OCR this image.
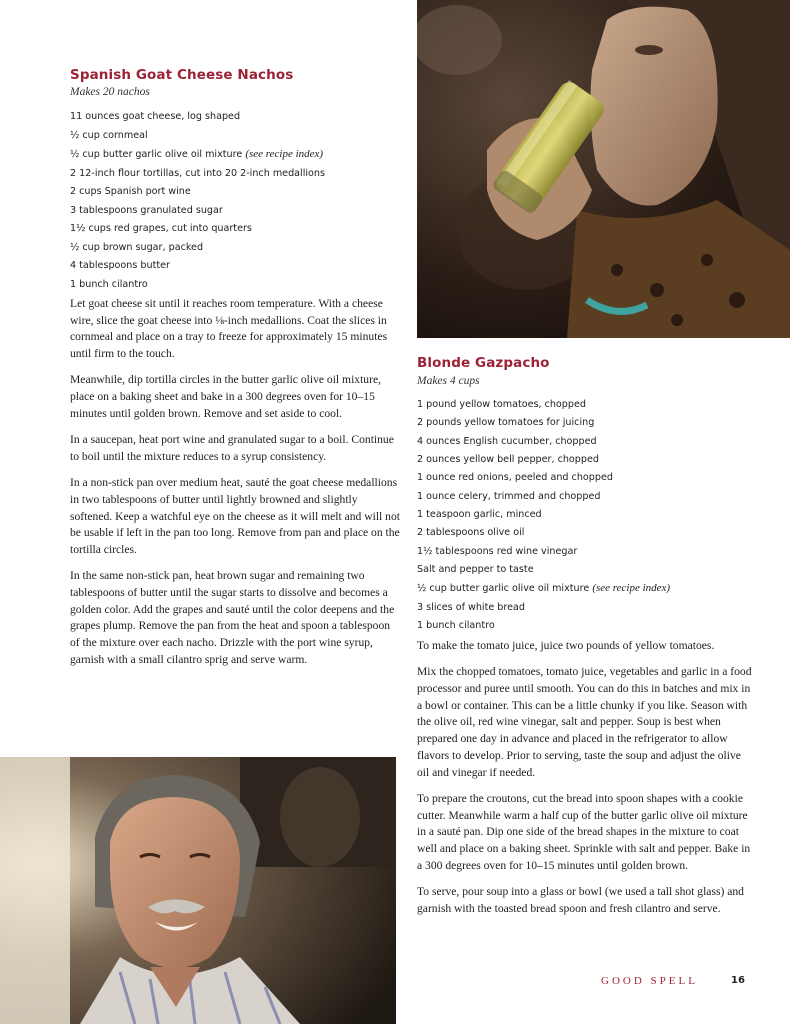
Spanish Goat Cheese Nachos

Makes 20 nachos

11 ounces goat cheese, log shaped
½ cup cornmeal
½ cup butter garlic olive oil mixture (see recipe index)
2 12-inch flour tortillas, cut into 20 2-inch medallions
2 cups Spanish port wine
3 tablespoons granulated sugar
1½ cups red grapes, cut into quarters
½ cup brown sugar, packed
4 tablespoons butter
1 bunch cilantro

Let goat cheese sit until it reaches room temperature. With a cheese wire, slice the goat cheese into ⅛-inch medallions. Coat the slices in cornmeal and place on a tray to freeze for approximately 15 minutes until firm to the touch.

Meanwhile, dip tortilla circles in the butter garlic olive oil mixture, place on a baking sheet and bake in a 300 degrees oven for 10–15 minutes until golden brown. Remove and set aside to cool.

In a saucepan, heat port wine and granulated sugar to a boil. Continue to boil until the mixture reduces to a syrup consistency.

In a non-stick pan over medium heat, sauté the goat cheese medallions in two tablespoons of butter until lightly browned and slightly softened. Keep a watchful eye on the cheese as it will melt and will not be usable if left in the pan too long. Remove from pan and place on the tortilla circles.

In the same non-stick pan, heat brown sugar and remaining two tablespoons of butter until the sugar starts to dissolve and becomes a golden color. Add the grapes and sauté until the color deepens and the grapes plump. Remove the pan from the heat and spoon a tablespoon of the mixture over each nacho. Drizzle with the port wine syrup, garnish with a small cilantro sprig and serve warm.

Blonde Gazpacho

Makes 4 cups

1 pound yellow tomatoes, chopped
2 pounds yellow tomatoes for juicing
4 ounces English cucumber, chopped
2 ounces yellow bell pepper, chopped
1 ounce red onions, peeled and chopped
1 ounce celery, trimmed and chopped
1 teaspoon garlic, minced
2 tablespoons olive oil
1½ tablespoons red wine vinegar
Salt and pepper to taste
½ cup butter garlic olive oil mixture (see recipe index)
3 slices of white bread
1 bunch cilantro

To make the tomato juice, juice two pounds of yellow tomatoes.

Mix the chopped tomatoes, tomato juice, vegetables and garlic in a food processor and puree until smooth. You can do this in batches and mix in a bowl or container. This can be a little chunky if you like. Season with the olive oil, red wine vinegar, salt and pepper. Soup is best when prepared one day in advance and placed in the refrigerator to allow flavors to develop. Prior to serving, taste the soup and adjust the olive oil and vinegar if needed.

To prepare the croutons, cut the bread into spoon shapes with a cookie cutter. Meanwhile warm a half cup of the butter garlic olive oil mixture in a sauté pan. Dip one side of the bread shapes in the mixture to coat well and place on a baking sheet. Sprinkle with salt and pepper. Bake in a 300 degrees oven for 10–15 minutes until golden brown.

To serve, pour soup into a glass or bowl (we used a tall shot glass) and garnish with the toasted bread spoon and fresh cilantro and serve.

GOOD SPELL	16
